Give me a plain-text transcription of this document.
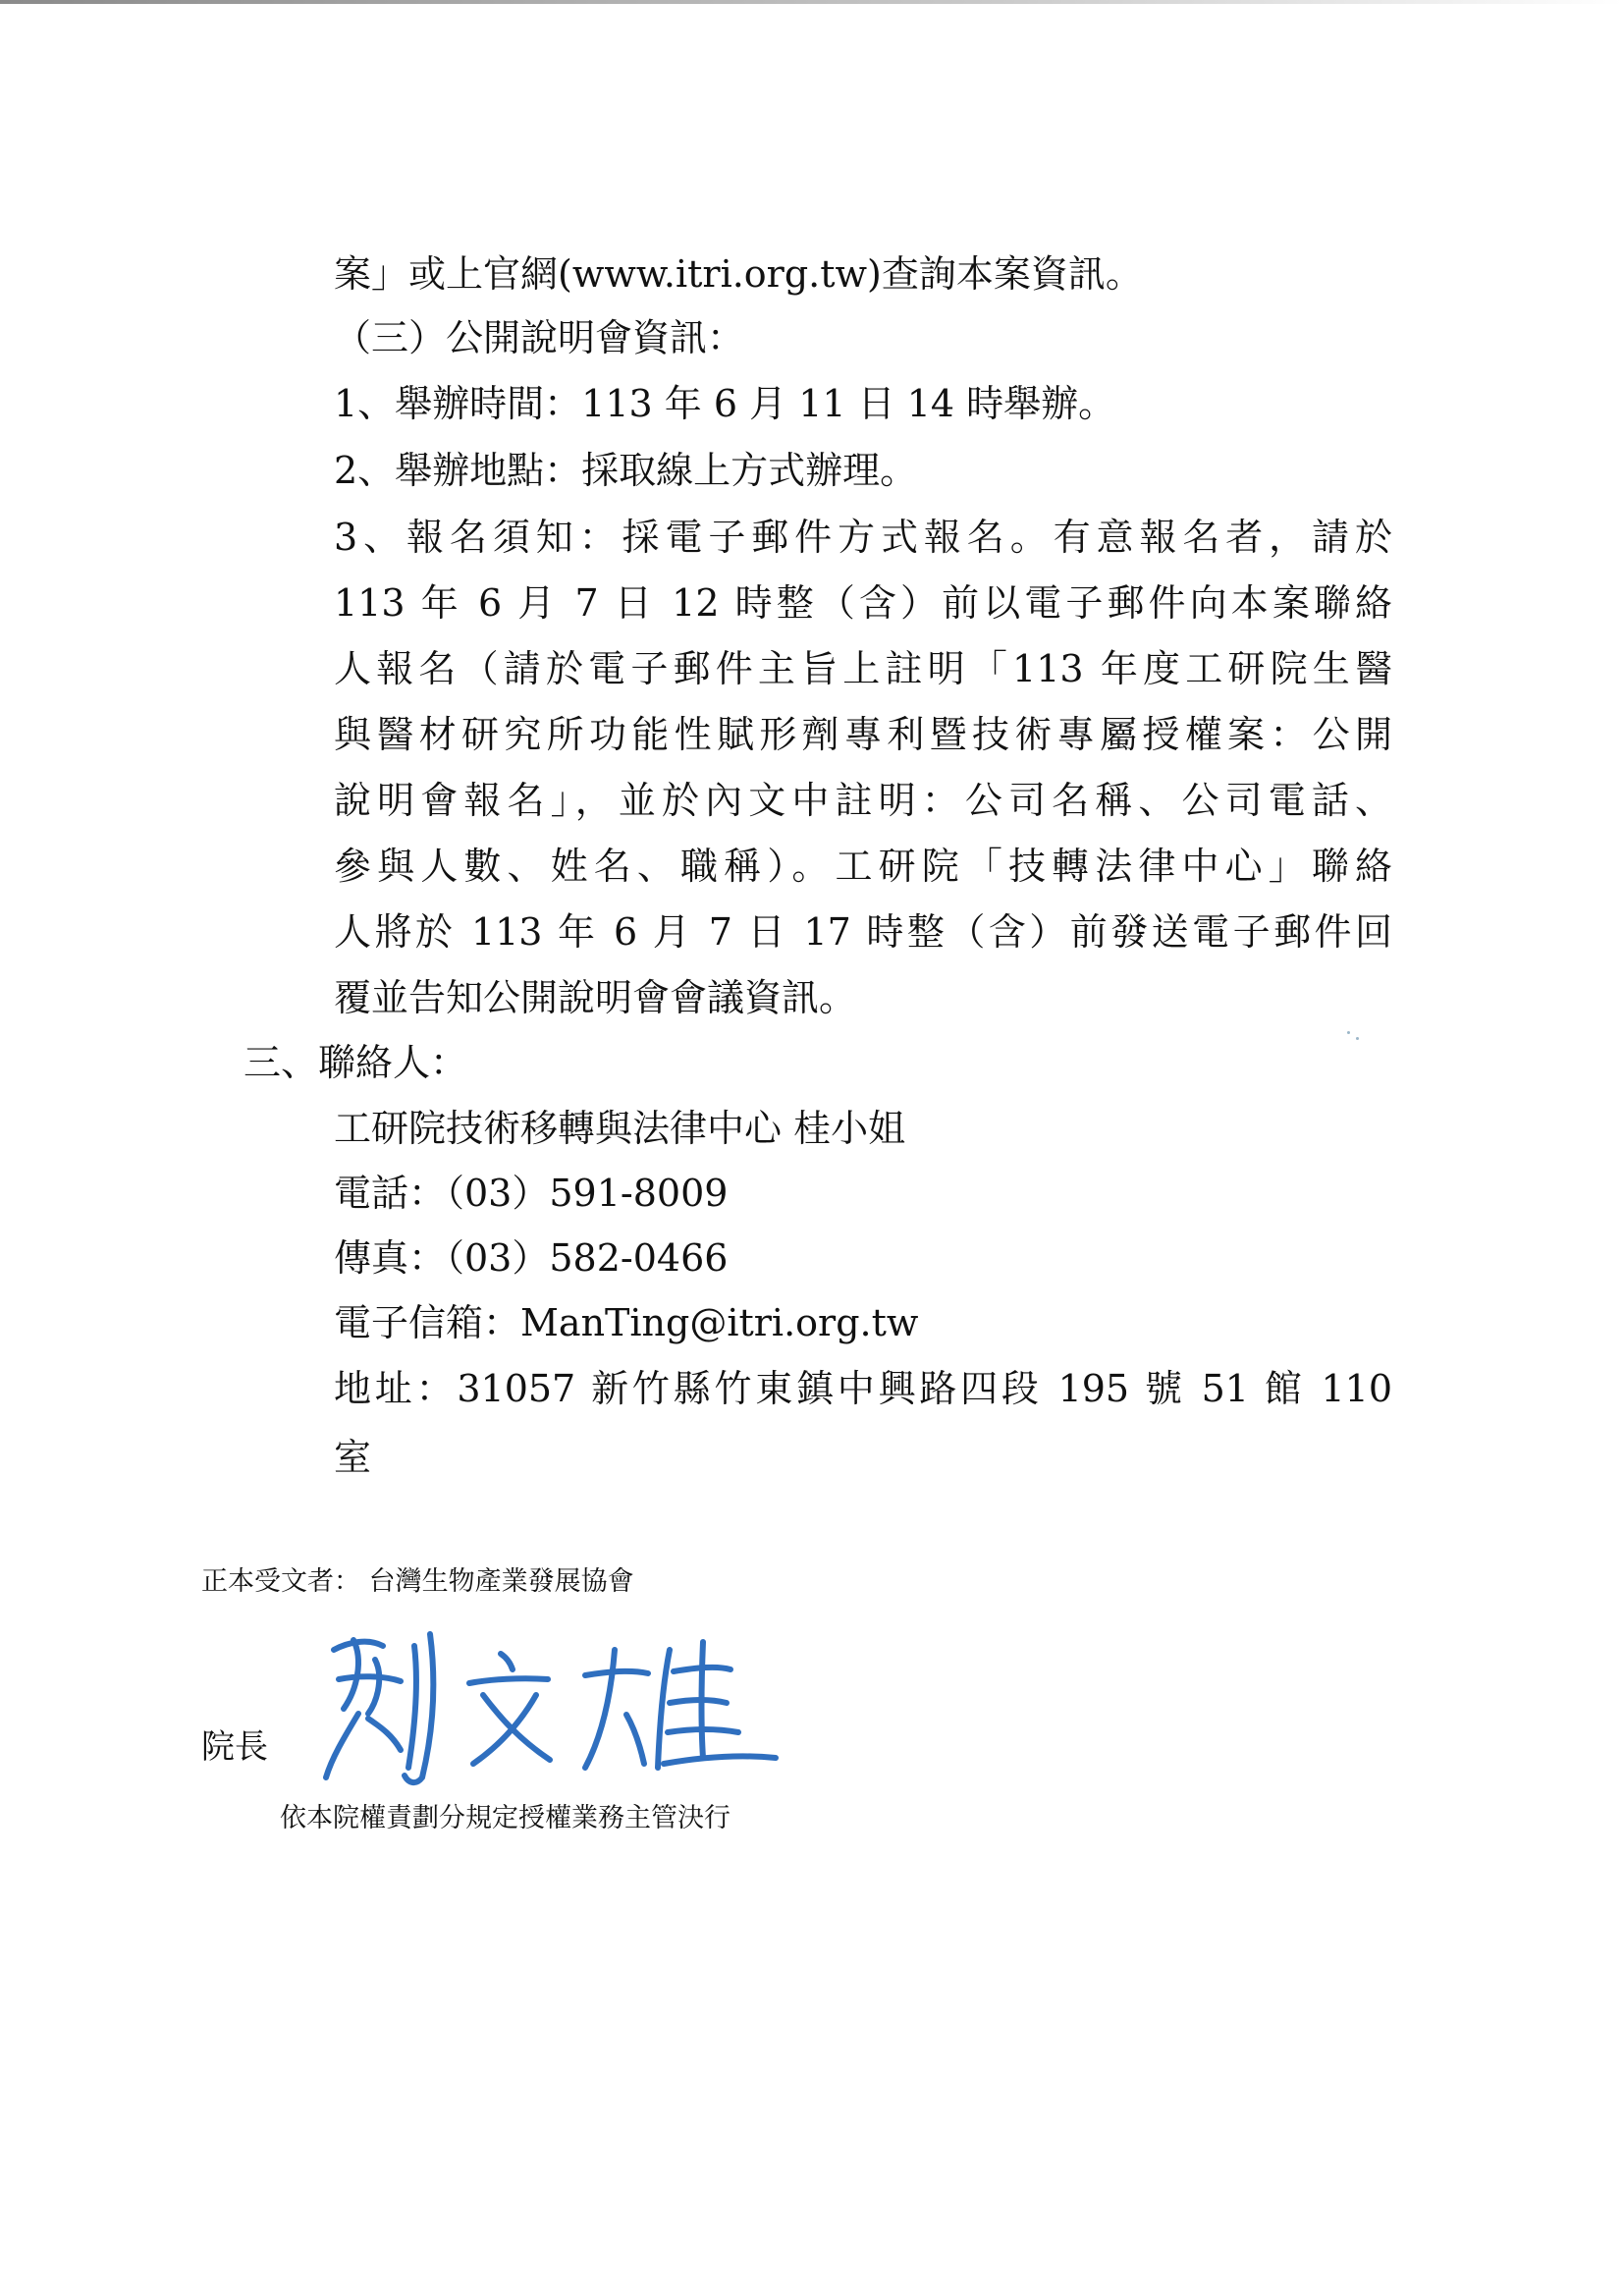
案」或上官網(www.itri.org.tw)查詢本案資訊。
（三）公開說明會資訊：
1、舉辦時間：113 年 6 月 11 日 14 時舉辦。
2、舉辦地點：採取線上方式辦理。
3、報名須知：採電子郵件方式報名。有意報名者，請於
113 年 6 月 7 日 12 時整（含）前以電子郵件向本案聯絡
人報名（請於電子郵件主旨上註明「113 年度工研院生醫
與醫材研究所功能性賦形劑專利暨技術專屬授權案：公開
說明會報名」，並於內文中註明：公司名稱、公司電話、
參與人數、姓名、職稱）。工研院「技轉法律中心」聯絡
人將於 113 年 6 月 7 日 17 時整（含）前發送電子郵件回
覆並告知公開說明會會議資訊。
三、聯絡人：
工研院技術移轉與法律中心 桂小姐
電話：（03）591-8009
傳真：（03）582-0466
電子信箱：ManTing@itri.org.tw
地址：31057 新竹縣竹東鎮中興路四段 195 號 51 館 110
室
正本受文者： 台灣生物產業發展協會
院長
依本院權責劃分規定授權業務主管決行
